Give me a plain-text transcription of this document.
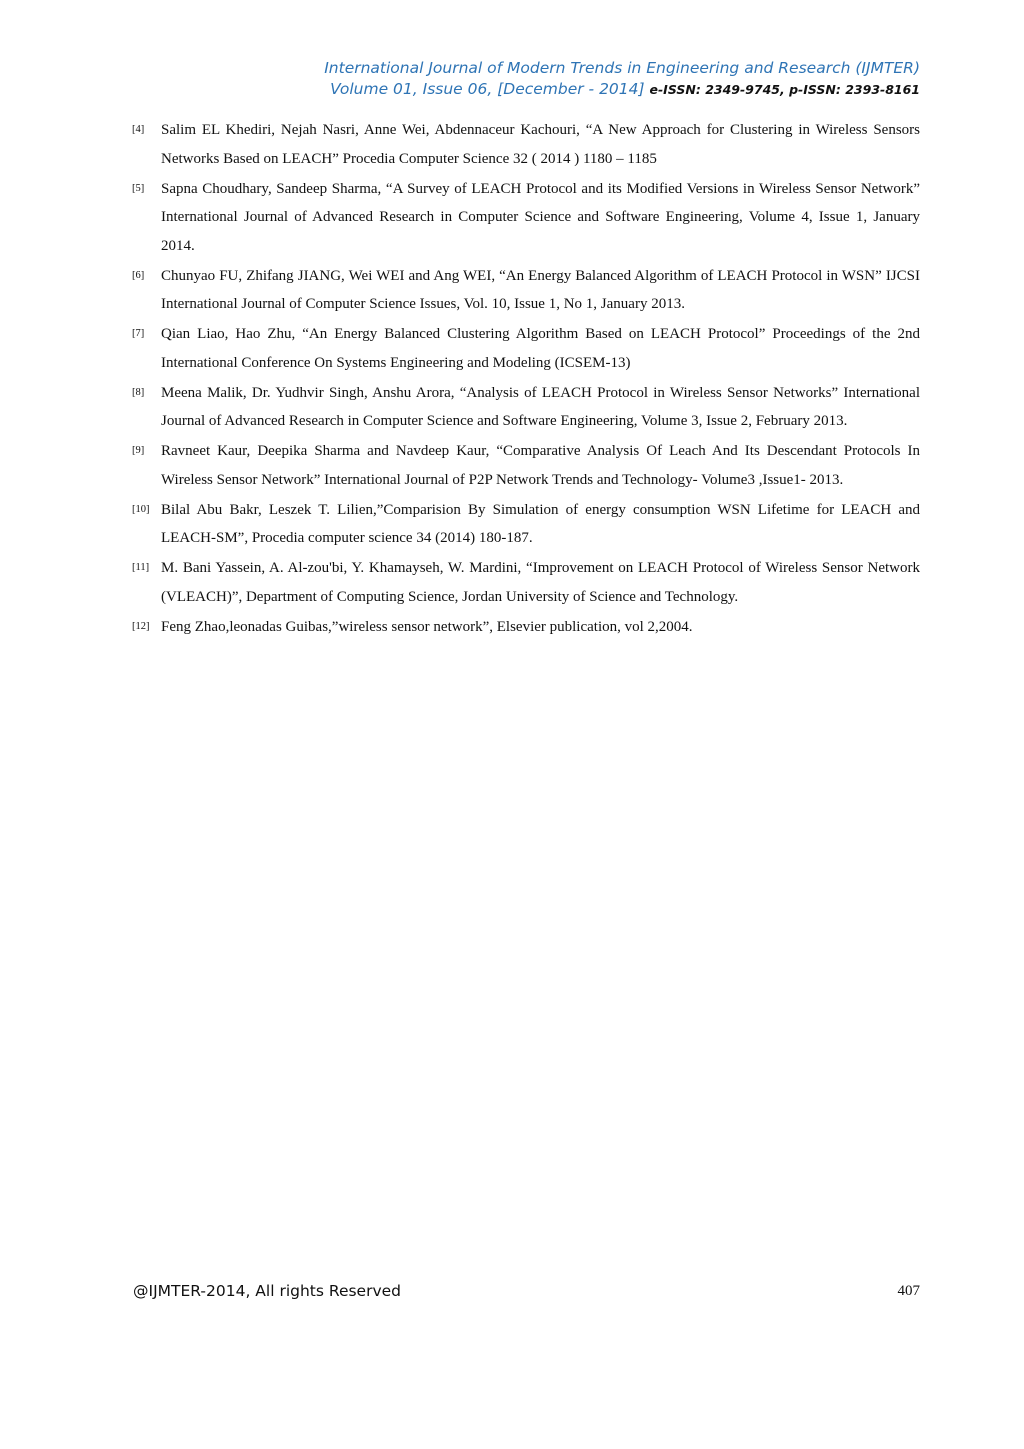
International Journal of Modern Trends in Engineering and Research (IJMTER)
Volume 01, Issue 06, [December - 2014] e-ISSN: 2349-9745, p-ISSN: 2393-8161
[4] Salim EL Khediri, Nejah Nasri, Anne Wei, Abdennaceur Kachouri, “A New Approach for Clustering in Wireless Sensors Networks Based on LEACH” Procedia Computer Science 32 ( 2014 ) 1180 – 1185
[5] Sapna Choudhary, Sandeep Sharma, “A Survey of LEACH Protocol and its Modified Versions in Wireless Sensor Network” International Journal of Advanced Research in Computer Science and Software Engineering, Volume 4, Issue 1, January 2014.
[6] Chunyao FU, Zhifang JIANG, Wei WEI and Ang WEI, “An Energy Balanced Algorithm of LEACH Protocol in WSN” IJCSI International Journal of Computer Science Issues, Vol. 10, Issue 1, No 1, January 2013.
[7] Qian Liao, Hao Zhu, “An Energy Balanced Clustering Algorithm Based on LEACH Protocol” Proceedings of the 2nd International Conference On Systems Engineering and Modeling (ICSEM-13)
[8] Meena Malik, Dr. Yudhvir Singh, Anshu Arora, “Analysis of LEACH Protocol in Wireless Sensor Networks” International Journal of Advanced Research in Computer Science and Software Engineering, Volume 3, Issue 2, February 2013.
[9] Ravneet Kaur, Deepika Sharma and Navdeep Kaur, “Comparative Analysis Of Leach And Its Descendant Protocols In Wireless Sensor Network” International Journal of P2P Network Trends and Technology- Volume3 ,Issue1- 2013.
[10] Bilal Abu Bakr, Leszek T. Lilien,”Comparision By Simulation of energy consumption WSN Lifetime for LEACH and LEACH-SM”, Procedia computer science 34 (2014) 180-187.
[11] M. Bani Yassein, A. Al-zou'bi, Y. Khamayseh, W. Mardini, “Improvement on LEACH Protocol of Wireless Sensor Network (VLEACH)”, Department of Computing Science, Jordan University of Science and Technology.
[12] Feng Zhao,leonadas Guibas,”wireless sensor network”, Elsevier publication, vol 2,2004.
@IJMTER-2014, All rights Reserved	407
